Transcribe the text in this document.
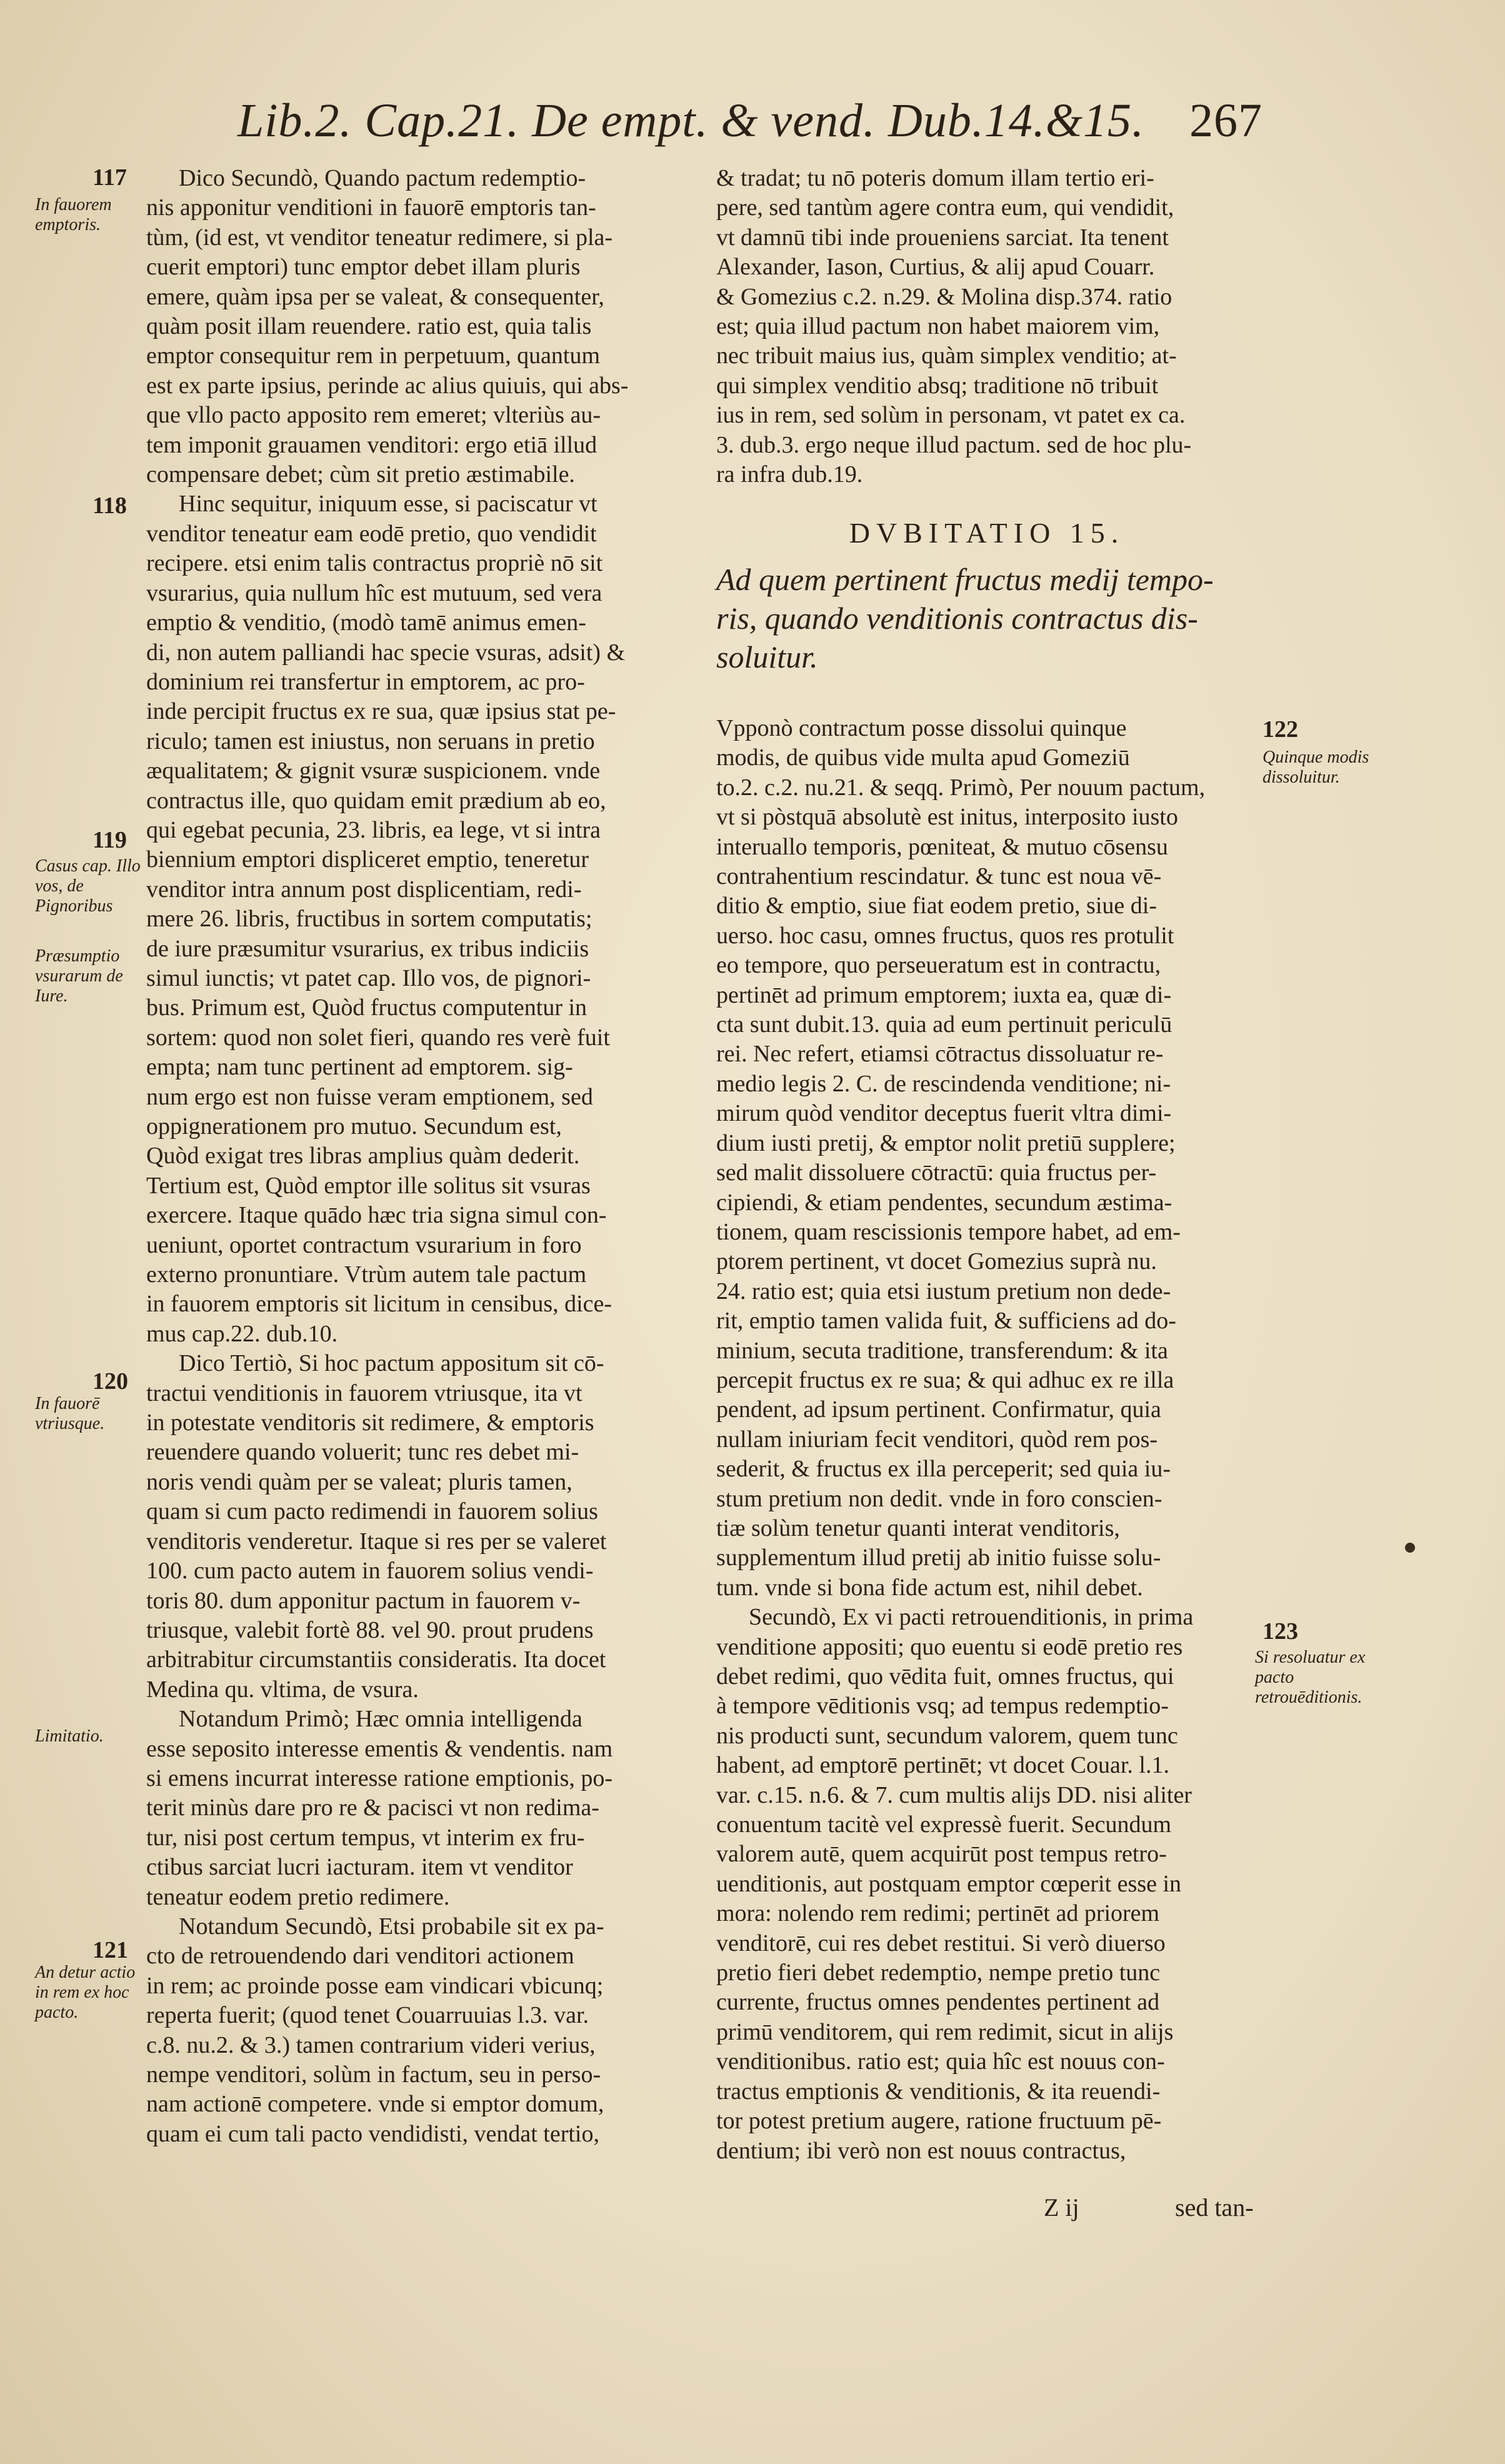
Lib.2. Cap.21. De empt. & vend. Dub.14.&15. 267
117
118
119
120
121
In fauorem emptoris.
Casus cap. Illo vos, de Pignoribus
Præsumptio vsurarum de Iure.
In fauorē vtriusque.
Limitatio.
An detur actio in rem ex hoc pacto.
Dico Secundò, Quando pactum redemptio-
nis apponitur venditioni in fauorē emptoris tan-
tùm, (id est, vt venditor teneatur redimere, si pla-
cuerit emptori) tunc emptor debet illam pluris
emere, quàm ipsa per se valeat, & consequenter,
quàm posit illam reuendere. ratio est, quia talis
emptor consequitur rem in perpetuum, quantum
est ex parte ipsius, perinde ac alius quiuis, qui abs-
que vllo pacto apposito rem emeret; vlteriùs au-
tem imponit grauamen venditori: ergo etiā illud
compensare debet; cùm sit pretio æstimabile.
Hinc sequitur, iniquum esse, si paciscatur vt
venditor teneatur eam eodē pretio, quo vendidit
recipere. etsi enim talis contractus propriè nō sit
vsurarius, quia nullum hîc est mutuum, sed vera
emptio & venditio, (modò tamē animus emen-
di, non autem palliandi hac specie vsuras, adsit) &
dominium rei transfertur in emptorem, ac pro-
inde percipit fructus ex re sua, quæ ipsius stat pe-
riculo; tamen est iniustus, non seruans in pretio
æqualitatem; & gignit vsuræ suspicionem. vnde
contractus ille, quo quidam emit prædium ab eo,
qui egebat pecunia, 23. libris, ea lege, vt si intra
biennium emptori displiceret emptio, teneretur
venditor intra annum post displicentiam, redi-
mere 26. libris, fructibus in sortem computatis;
de iure præsumitur vsurarius, ex tribus indiciis
simul iunctis; vt patet cap. Illo vos, de pignori-
bus. Primum est, Quòd fructus computentur in
sortem: quod non solet fieri, quando res verè fuit
empta; nam tunc pertinent ad emptorem. sig-
num ergo est non fuisse veram emptionem, sed
oppignerationem pro mutuo. Secundum est,
Quòd exigat tres libras amplius quàm dederit.
Tertium est, Quòd emptor ille solitus sit vsuras
exercere. Itaque quādo hæc tria signa simul con-
ueniunt, oportet contractum vsurarium in foro
externo pronuntiare. Vtrùm autem tale pactum
in fauorem emptoris sit licitum in censibus, dice-
mus cap.22. dub.10.
Dico Tertiò, Si hoc pactum appositum sit cō-
tractui venditionis in fauorem vtriusque, ita vt
in potestate venditoris sit redimere, & emptoris
reuendere quando voluerit; tunc res debet mi-
noris vendi quàm per se valeat; pluris tamen,
quam si cum pacto redimendi in fauorem solius
venditoris venderetur. Itaque si res per se valeret
100. cum pacto autem in fauorem solius vendi-
toris 80. dum apponitur pactum in fauorem v-
triusque, valebit fortè 88. vel 90. prout prudens
arbitrabitur circumstantiis consideratis. Ita docet
Medina qu. vltima, de vsura.
Notandum Primò; Hæc omnia intelligenda
esse seposito interesse ementis & vendentis. nam
si emens incurrat interesse ratione emptionis, po-
terit minùs dare pro re & pacisci vt non redima-
tur, nisi post certum tempus, vt interim ex fru-
ctibus sarciat lucri iacturam. item vt venditor
teneatur eodem pretio redimere.
Notandum Secundò, Etsi probabile sit ex pa-
cto de retrouendendo dari venditori actionem
in rem; ac proinde posse eam vindicari vbicunq;
reperta fuerit; (quod tenet Couarruuias l.3. var.
c.8. nu.2. & 3.) tamen contrarium videri verius,
nempe venditori, solùm in factum, seu in perso-
nam actionē competere. vnde si emptor domum,
quam ei cum tali pacto vendidisti, vendat tertio,
& tradat; tu nō poteris domum illam tertio eri-
pere, sed tantùm agere contra eum, qui vendidit,
vt damnū tibi inde proueniens sarciat. Ita tenent
Alexander, Iason, Curtius, & alij apud Couarr.
& Gomezius c.2. n.29. & Molina disp.374. ratio
est; quia illud pactum non habet maiorem vim,
nec tribuit maius ius, quàm simplex venditio; at-
qui simplex venditio absq; traditione nō tribuit
ius in rem, sed solùm in personam, vt patet ex ca.
3. dub.3. ergo neque illud pactum. sed de hoc plu-
ra infra dub.19.
DVBITATIO 15.
Ad quem pertinent fructus medij tempo- ris, quando venditionis contractus dis- soluitur.
122
123
Quinque modis dissoluitur.
Si resoluatur ex pacto retrouēditionis.
Vpponò contractum posse dissolui quinque
modis, de quibus vide multa apud Gomeziū
to.2. c.2. nu.21. & seqq. Primò, Per nouum pactum,
vt si pòstquā absolutè est initus, interposito iusto
interuallo temporis, pœniteat, & mutuo cōsensu
contrahentium rescindatur. & tunc est noua vē-
ditio & emptio, siue fiat eodem pretio, siue di-
uerso. hoc casu, omnes fructus, quos res protulit
eo tempore, quo perseueratum est in contractu,
pertinēt ad primum emptorem; iuxta ea, quæ di-
cta sunt dubit.13. quia ad eum pertinuit periculū
rei. Nec refert, etiamsi cōtractus dissoluatur re-
medio legis 2. C. de rescindenda venditione; ni-
mirum quòd venditor deceptus fuerit vltra dimi-
dium iusti pretij, & emptor nolit pretiū supplere;
sed malit dissoluere cōtractū: quia fructus per-
cipiendi, & etiam pendentes, secundum æstima-
tionem, quam rescissionis tempore habet, ad em-
ptorem pertinent, vt docet Gomezius suprà nu.
24. ratio est; quia etsi iustum pretium non dede-
rit, emptio tamen valida fuit, & sufficiens ad do-
minium, secuta traditione, transferendum: & ita
percepit fructus ex re sua; & qui adhuc ex re illa
pendent, ad ipsum pertinent. Confirmatur, quia
nullam iniuriam fecit venditori, quòd rem pos-
sederit, & fructus ex illa perceperit; sed quia iu-
stum pretium non dedit. vnde in foro conscien-
tiæ solùm tenetur quanti interat venditoris,
supplementum illud pretij ab initio fuisse solu-
tum. vnde si bona fide actum est, nihil debet.
Secundò, Ex vi pacti retrouenditionis, in prima
venditione appositi; quo euentu si eodē pretio res
debet redimi, quo vēdita fuit, omnes fructus, qui
à tempore vēditionis vsq; ad tempus redemptio-
nis producti sunt, secundum valorem, quem tunc
habent, ad emptorē pertinēt; vt docet Couar. l.1.
var. c.15. n.6. & 7. cum multis alijs DD. nisi aliter
conuentum tacitè vel expressè fuerit. Secundum
valorem autē, quem acquirūt post tempus retro-
uenditionis, aut postquam emptor cœperit esse in
mora: nolendo rem redimi; pertinēt ad priorem
venditorē, cui res debet restitui. Si verò diuerso
pretio fieri debet redemptio, nempe pretio tunc
currente, fructus omnes pendentes pertinent ad
primū venditorem, qui rem redimit, sicut in alijs
venditionibus. ratio est; quia hîc est nouus con-
tractus emptionis & venditionis, & ita reuendi-
tor potest pretium augere, ratione fructuum pē-
dentium; ibi verò non est nouus contractus,
Z ij	sed tan-
